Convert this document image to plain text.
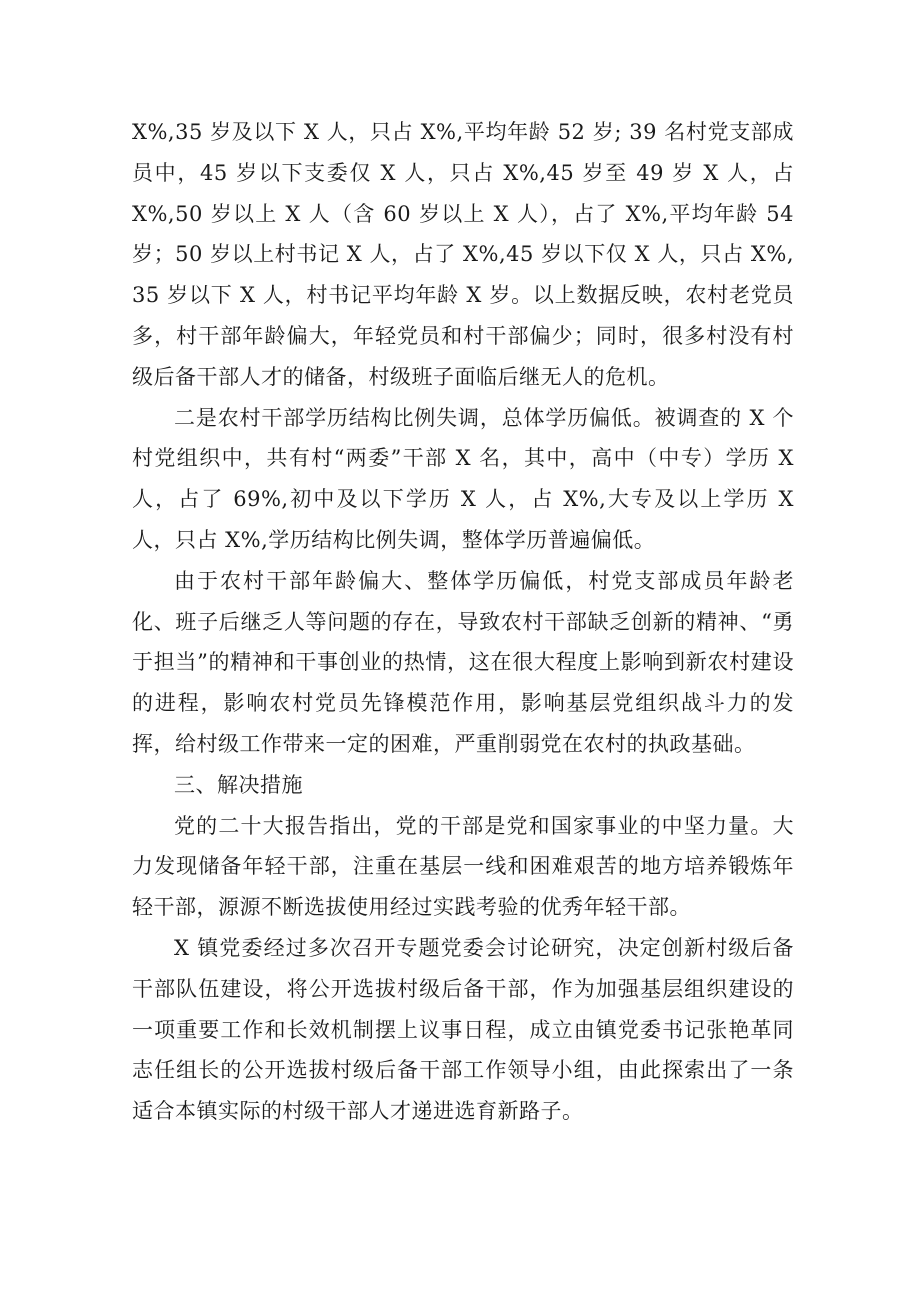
X%,35 岁及以下 X 人，只占 X%,平均年龄 52 岁; 39 名村党支部成员中，45 岁以下支委仅 X 人，只占 X%,45 岁至 49 岁 X 人，占 X%,50 岁以上 X 人（含 60 岁以上 X 人），占了 X%,平均年龄 54 岁；50 岁以上村书记 X 人，占了 X%,45 岁以下仅 X 人，只占 X%,35 岁以下 X 人，村书记平均年龄 X 岁。以上数据反映，农村老党员多，村干部年龄偏大，年轻党员和村干部偏少；同时，很多村没有村级后备干部人才的储备，村级班子面临后继无人的危机。

二是农村干部学历结构比例失调，总体学历偏低。被调查的 X 个村党组织中，共有村“两委”干部 X 名，其中，高中（中专）学历 X 人，占了 69%,初中及以下学历 X 人，占 X%,大专及以上学历 X 人，只占 X%,学历结构比例失调，整体学历普遍偏低。

由于农村干部年龄偏大、整体学历偏低，村党支部成员年龄老化、班子后继乏人等问题的存在，导致农村干部缺乏创新的精神、“勇于担当”的精神和干事创业的热情，这在很大程度上影响到新农村建设的进程，影响农村党员先锋模范作用，影响基层党组织战斗力的发挥，给村级工作带来一定的困难，严重削弱党在农村的执政基础。

三、解决措施

党的二十大报告指出，党的干部是党和国家事业的中坚力量。大力发现储备年轻干部，注重在基层一线和困难艰苦的地方培养锻炼年轻干部，源源不断选拔使用经过实践考验的优秀年轻干部。

X 镇党委经过多次召开专题党委会讨论研究，决定创新村级后备干部队伍建设，将公开选拔村级后备干部，作为加强基层组织建设的一项重要工作和长效机制摆上议事日程，成立由镇党委书记张艳革同志任组长的公开选拔村级后备干部工作领导小组，由此探索出了一条适合本镇实际的村级干部人才递进选育新路子。
